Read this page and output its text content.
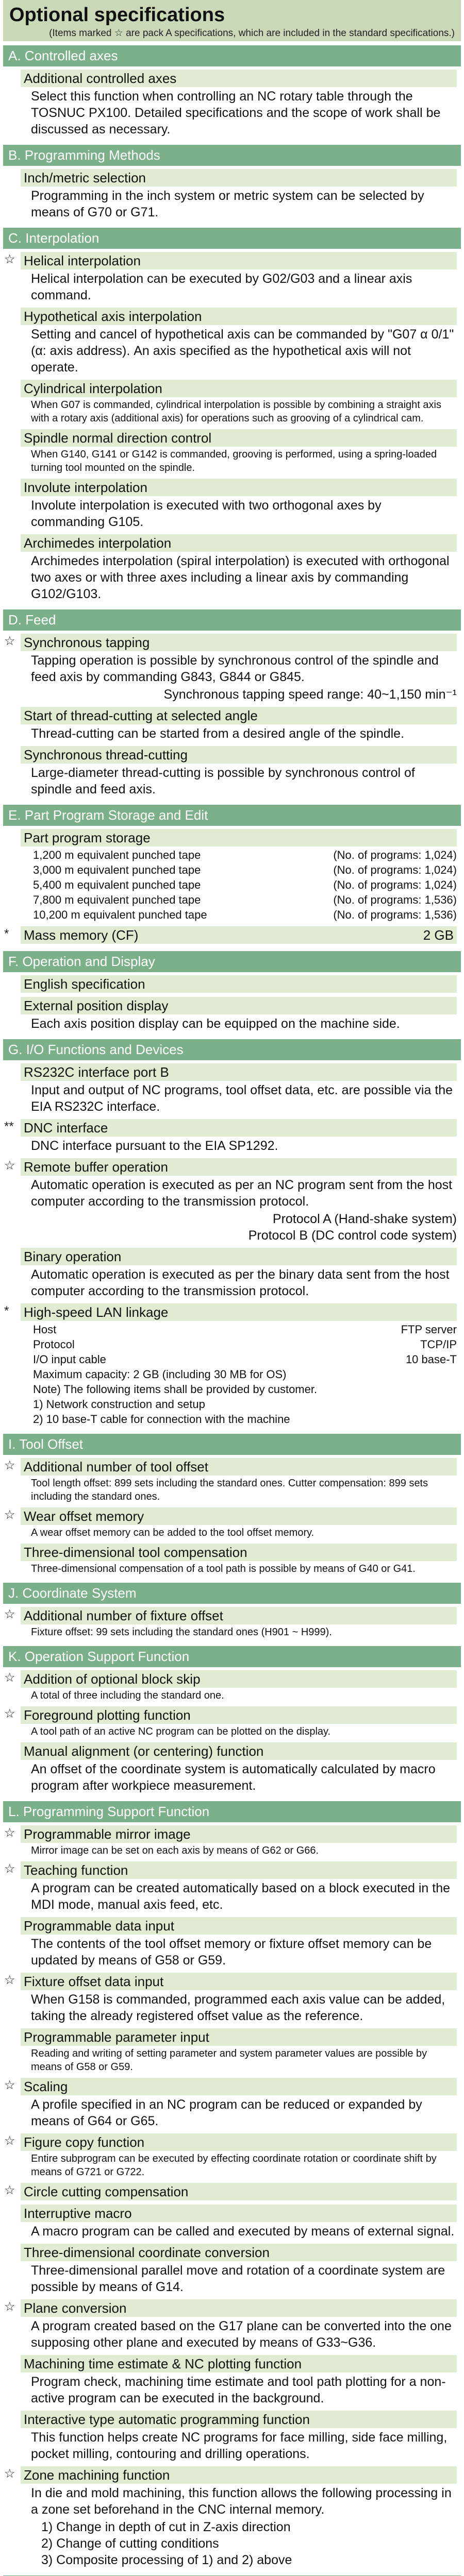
Optional specifications
(Items marked ☆ are pack A specifications, which are included in the standard specifications.)
A. Controlled axes
Additional controlled axes
Select this function when controlling an NC rotary table through the TOSNUC PX100. Detailed specifications and the scope of work shall be discussed as necessary.
B. Programming Methods
Inch/metric selection
Programming in the inch system or metric system can be selected by means of G70 or G71.
C. Interpolation
☆ Helical interpolation
Helical interpolation can be executed by G02/G03 and a linear axis command.
Hypothetical axis interpolation
Setting and cancel of hypothetical axis can be commanded by "G07 α 0/1" (α: axis address). An axis specified as the hypothetical axis will not operate.
Cylindrical interpolation
When G07 is commanded, cylindrical interpolation is possible by combining a straight axis with a rotary axis (additional axis) for operations such as grooving of a cylindrical cam.
Spindle normal direction control
When G140, G141 or G142 is commanded, grooving is performed, using a spring-loaded turning tool mounted on the spindle.
Involute interpolation
Involute interpolation is executed with two orthogonal axes by commanding G105.
Archimedes interpolation
Archimedes interpolation (spiral interpolation) is executed with orthogonal two axes or with three axes including a linear axis by commanding G102/G103.
D. Feed
☆ Synchronous tapping
Tapping operation is possible by synchronous control of the spindle and feed axis by commanding G843, G844 or G845.
Synchronous tapping speed range: 40~1,150 min⁻¹
Start of thread-cutting at selected angle
Thread-cutting can be started from a desired angle of the spindle.
Synchronous thread-cutting
Large-diameter thread-cutting is possible by synchronous control of spindle and feed axis.
E. Part Program Storage and Edit
Part program storage
1,200 m equivalent punched tape	(No. of programs: 1,024)
3,000 m equivalent punched tape	(No. of programs: 1,024)
5,400 m equivalent punched tape	(No. of programs: 1,024)
7,800 m equivalent punched tape	(No. of programs: 1,536)
10,200 m equivalent punched tape	(No. of programs: 1,536)
*	Mass memory (CF)	2 GB
F. Operation and Display
English specification
External position display
Each axis position display can be equipped on the machine side.
G. I/O Functions and Devices
RS232C interface port B
Input and output of NC programs, tool offset data, etc. are possible via the EIA RS232C interface.
** DNC interface
DNC interface pursuant to the EIA SP1292.
☆ Remote buffer operation
Automatic operation is executed as per an NC program sent from the host computer according to the transmission protocol.
Protocol A (Hand-shake system)
Protocol B (DC control code system)
Binary operation
Automatic operation is executed as per the binary data sent from the host computer according to the transmission protocol.
*	High-speed LAN linkage
Host	FTP server
Protocol	TCP/IP
I/O input cable	10 base-T
Maximum capacity: 2 GB (including 30 MB for OS)
Note) The following items shall be provided by customer.
1) Network construction and setup
2) 10 base-T cable for connection with the machine
I. Tool Offset
☆ Additional number of tool offset
Tool length offset: 899 sets including the standard ones. Cutter compensation: 899 sets including the standard ones.
☆ Wear offset memory
A wear offset memory can be added to the tool offset memory.
Three-dimensional tool compensation
Three-dimensional compensation of a tool path is possible by means of G40 or G41.
J. Coordinate System
☆ Additional number of fixture offset
Fixture offset: 99 sets including the standard ones (H901 ~ H999).
K. Operation Support Function
☆ Addition of optional block skip
A total of three including the standard one.
☆ Foreground plotting function
A tool path of an active NC program can be plotted on the display.
Manual alignment (or centering) function
An offset of the coordinate system is automatically calculated by macro program after workpiece measurement.
L. Programming Support Function
☆ Programmable mirror image
Mirror image can be set on each axis by means of G62 or G66.
☆ Teaching function
A program can be created automatically based on a block executed in the MDI mode, manual axis feed, etc.
Programmable data input
The contents of the tool offset memory or fixture offset memory can be updated by means of G58 or G59.
☆ Fixture offset data input
When G158 is commanded, programmed each axis value can be added, taking the already registered offset value as the reference.
Programmable parameter input
Reading and writing of setting parameter and system parameter values are possible by means of G58 or G59.
☆ Scaling
A profile specified in an NC program can be reduced or expanded by means of G64 or G65.
☆ Figure copy function
Entire subprogram can be executed by effecting coordinate rotation or coordinate shift by means of G721 or G722.
☆ Circle cutting compensation
Interruptive macro
A macro program can be called and executed by means of external signal.
Three-dimensional coordinate conversion
Three-dimensional parallel move and rotation of a coordinate system are possible by means of G14.
☆ Plane conversion
A program created based on the G17 plane can be converted into the one supposing other plane and executed by means of G33~G36.
Machining time estimate & NC plotting function
Program check, machining time estimate and tool path plotting for a non-active program can be executed in the background.
Interactive type automatic programming function
This function helps create NC programs for face milling, side face milling, pocket milling, contouring and drilling operations.
☆ Zone machining function
In die and mold machining, this function allows the following processing in a zone set beforehand in the CNC internal memory.
1) Change in depth of cut in Z-axis direction
2) Change of cutting conditions
3) Composite processing of 1) and 2) above
